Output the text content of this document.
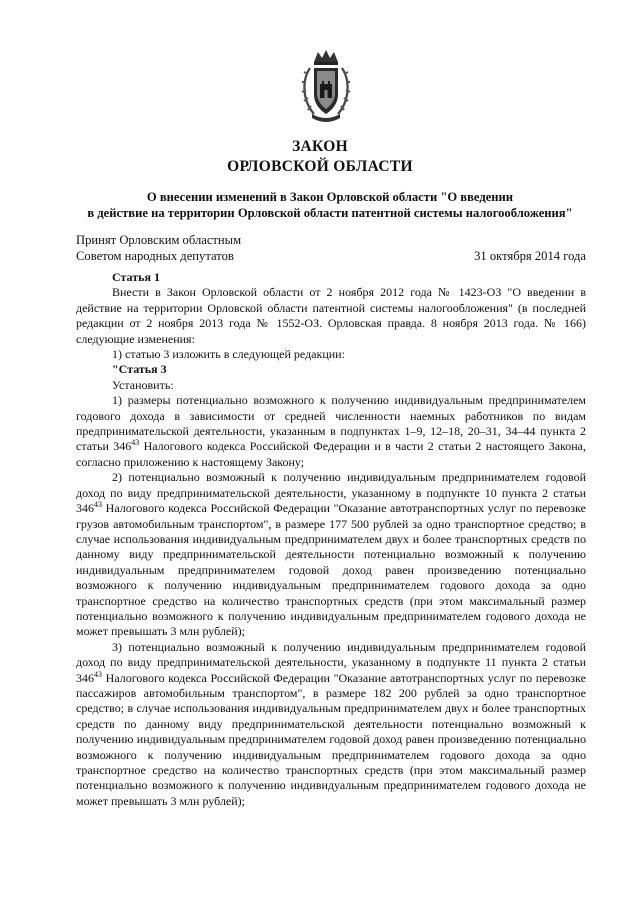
ЗАКОН
ОРЛОВСКОЙ ОБЛАСТИ
О внесении изменений в Закон Орловской области "О введении
в действие на территории Орловской области патентной системы налогообложения"
Принят Орловским областным
Советом народных депутатов	31 октября 2014 года

Статья 1

Внести в Закон Орловской области от 2 ноября 2012 года № 1423-ОЗ "О введении в действие на территории Орловской области патентной системы налогообложения" (в последней редакции от 2 ноября 2013 года № 1552-ОЗ. Орловская правда. 8 ноября 2013 года. № 166) следующие изменения:

1) статью 3 изложить в следующей редакции:

"Статья 3

Установить:

1) размеры потенциально возможного к получению индивидуальным предпринимателем годового дохода в зависимости от средней численности наемных работников по видам предпринимательской деятельности, указанным в подпунктах 1–9, 12–18, 20–31, 34–44 пункта 2 статьи $346^{43}$ Налогового кодекса Российской Федерации и в части 2 статьи 2 настоящего Закона, согласно приложению к настоящему Закону;

2) потенциально возможный к получению индивидуальным предпринимателем годовой доход по виду предпринимательской деятельности, указанному в подпункте 10 пункта 2 статьи $346^{43}$ Налогового кодекса Российской Федерации "Оказание автотранспортных услуг по перевозке грузов автомобильным транспортом", в размере 177 500 рублей за одно транспортное средство; в случае использования индивидуальным предпринимателем двух и более транспортных средств по данному виду предпринимательской деятельности потенциально возможный к получению индивидуальным предпринимателем годовой доход равен произведению потенциально возможного к получению индивидуальным предпринимателем годового дохода за одно транспортное средство на количество транспортных средств (при этом максимальный размер потенциально возможного к получению индивидуальным предпринимателем годового дохода не может превышать 3 млн рублей);

3) потенциально возможный к получению индивидуальным предпринимателем годовой доход по виду предпринимательской деятельности, указанному в подпункте 11 пункта 2 статьи $346^{43}$ Налогового кодекса Российской Федерации "Оказание автотранспортных услуг по перевозке пассажиров автомобильным транспортом", в размере 182 200 рублей за одно транспортное средство; в случае использования индивидуальным предпринимателем двух и более транспортных средств по данному виду предпринимательской деятельности потенциально возможный к получению индивидуальным предпринимателем годовой доход равен произведению потенциально возможного к получению индивидуальным предпринимателем годового дохода за одно транспортное средство на количество транспортных средств (при этом максимальный размер потенциально возможного к получению индивидуальным предпринимателем годового дохода не может превышать 3 млн рублей);
